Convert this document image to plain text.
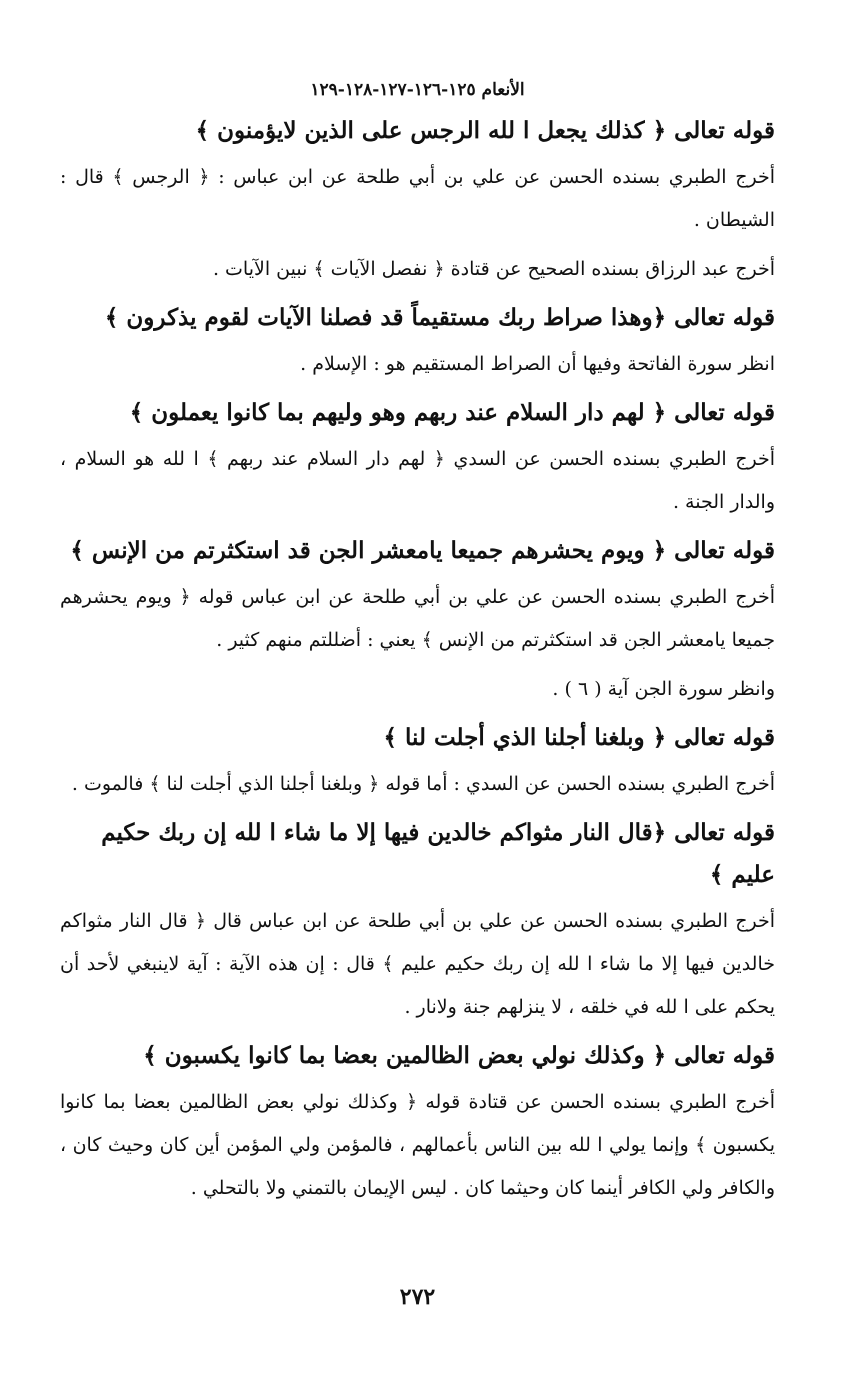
الأنعام ١٢٥-١٢٦-١٢٧-١٢٨-١٢٩
قوله تعالى ﴿ كذلك يجعل ا لله الرجس على الذين لايؤمنون ﴾
أخرج الطبري بسنده الحسن عن علي بن أبي طلحة عن ابن عباس : ﴿ الرجس ﴾ قال : الشيطان .
أخرج عبد الرزاق بسنده الصحيح عن قتادة ﴿ نفصل الآيات ﴾ نبين الآيات .
قوله تعالى ﴿وهذا صراط ربك مستقيماً قد فصلنا الآيات لقوم يذكرون ﴾
انظر سورة الفاتحة وفيها أن الصراط المستقيم هو : الإسلام .
قوله تعالى ﴿ لهم دار السلام عند ربهم وهو وليهم بما كانوا يعملون ﴾
أخرج الطبري بسنده الحسن عن السدي ﴿ لهم دار السلام عند ربهم ﴾ ا لله هو السلام ، والدار الجنة .
قوله تعالى ﴿ ويوم يحشرهم جميعا يامعشر الجن قد استكثرتم من الإنس ﴾
أخرج الطبري بسنده الحسن عن علي بن أبي طلحة عن ابن عباس قوله ﴿ ويوم يحشرهم جميعا يامعشر الجن قد استكثرتم من الإنس ﴾ يعني : أضللتم منهم كثير .
وانظر سورة الجن آية ( ٦ ) .
قوله تعالى ﴿ وبلغنا أجلنا الذي أجلت لنا ﴾
أخرج الطبري بسنده الحسن عن السدي : أما قوله ﴿ وبلغنا أجلنا الذي أجلت لنا ﴾ فالموت .
قوله تعالى ﴿قال النار مثواكم خالدين فيها إلا ما شاء ا لله إن ربك حكيم عليم ﴾
أخرج الطبري بسنده الحسن عن علي بن أبي طلحة عن ابن عباس قال ﴿ قال النار مثواكم خالدين فيها إلا ما شاء ا لله إن ربك حكيم عليم ﴾ قال : إن هذه الآية : آية لاينبغي لأحد أن يحكم على ا لله في خلقه ، لا ينزلهم جنة ولانار .
قوله تعالى ﴿ وكذلك نولي بعض الظالمين بعضا بما كانوا يكسبون ﴾
أخرج الطبري بسنده الحسن عن قتادة قوله ﴿ وكذلك نولي بعض الظالمين بعضا بما كانوا يكسبون ﴾ وإنما يولي ا لله بين الناس بأعمالهم ، فالمؤمن ولي المؤمن أين كان وحيث كان ، والكافر ولي الكافر أينما كان وحيثما كان . ليس الإيمان بالتمني ولا بالتحلي .
٢٧٢
